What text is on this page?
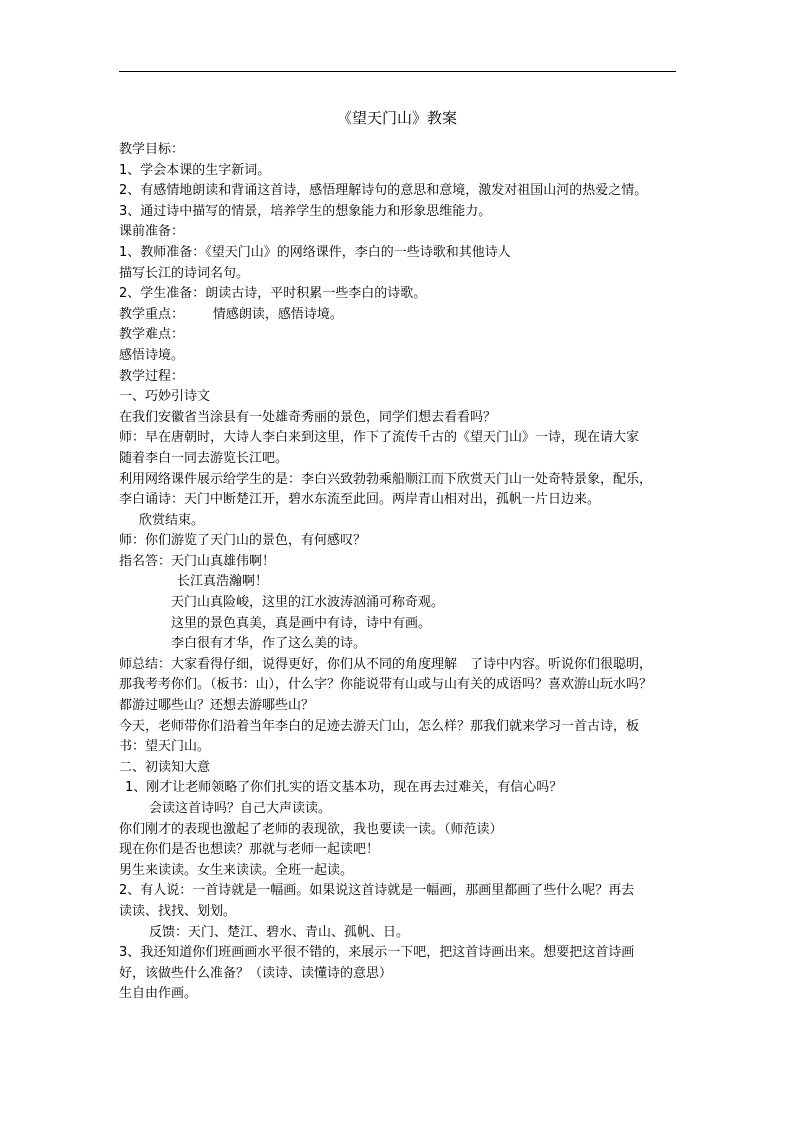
《望天门山》教案
教学目标：
1、学会本课的生字新词。
2、有感情地朗读和背诵这首诗，感悟理解诗句的意思和意境，激发对祖国山河的热爱之情。
3、通过诗中描写的情景，培养学生的想象能力和形象思维能力。
课前准备：
1、教师准备：《望天门山》的网络课件，李白的一些诗歌和其他诗人
描写长江的诗词名句。
2、学生准备：朗读古诗，平时积累一些李白的诗歌。
教学重点：       情感朗读，感悟诗境。
教学难点：
感悟诗境。
教学过程：
一、巧妙引诗文
在我们安徽省当涂县有一处雄奇秀丽的景色，同学们想去看看吗？
师：早在唐朝时，大诗人李白来到这里，作下了流传千古的《望天门山》一诗，现在请大家
随着李白一同去游览长江吧。
利用网络课件展示给学生的是：李白兴致勃勃乘船顺江而下欣赏天门山一处奇特景象，配乐，
李白诵诗：天门中断楚江开，碧水东流至此回。两岸青山相对出，孤帆一片日边来。
欣赏结束。
师：你们游览了天门山的景色，有何感叹？
指名答：天门山真雄伟啊！
长江真浩瀚啊！
天门山真险峻，这里的江水波涛汹涌可称奇观。
这里的景色真美，真是画中有诗，诗中有画。
李白很有才华，作了这么美的诗。
师总结：大家看得仔细，说得更好，你们从不同的角度理解　了诗中内容。听说你们很聪明，
那我考考你们。（板书：山），什么字？你能说带有山或与山有关的成语吗？喜欢游山玩水吗？
都游过哪些山？还想去游哪些山？
今天，老师带你们沿着当年李白的足迹去游天门山，怎么样？那我们就来学习一首古诗，板
书：望天门山。
二、初读知大意
1、刚才让老师领略了你们扎实的语文基本功，现在再去过难关，有信心吗？
会读这首诗吗？自己大声读读。
你们刚才的表现也激起了老师的表现欲，我也要读一读。（师范读）
现在你们是否也想读？那就与老师一起读吧！
男生来读读。女生来读读。全班一起读。
2、有人说：一首诗就是一幅画。如果说这首诗就是一幅画，那画里都画了些什么呢？再去
读读、找找、划划。
反馈：天门、楚江、碧水、青山、孤帆、日。
3、我还知道你们班画画水平很不错的，来展示一下吧，把这首诗画出来。想要把这首诗画
好，该做些什么准备？（读诗、读懂诗的意思）
生自由作画。
